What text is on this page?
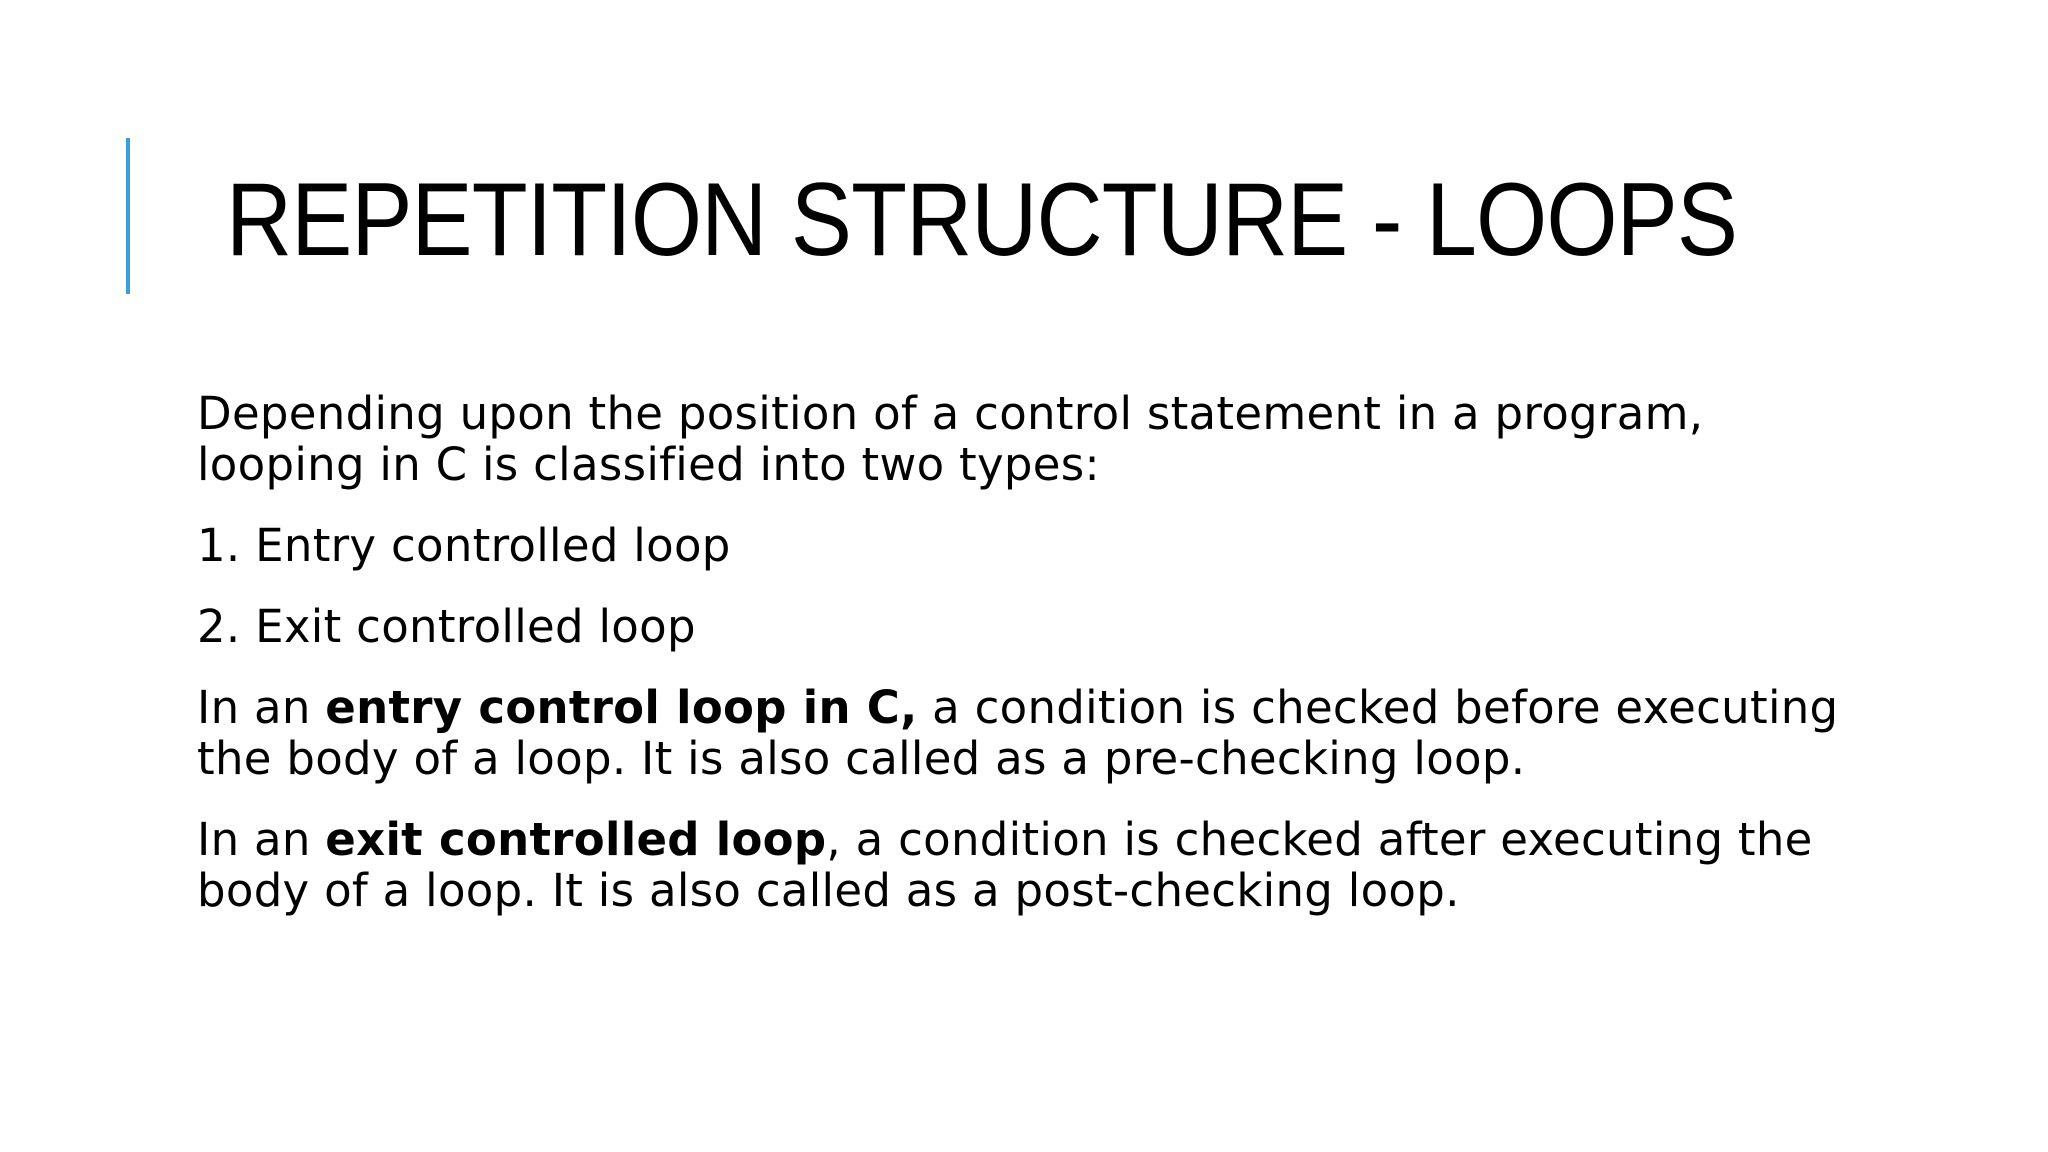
REPETITION STRUCTURE - LOOPS

Depending upon the position of a control statement in a program,
looping in C is classified into two types:

1. Entry controlled loop

2. Exit controlled loop

In an entry control loop in C, a condition is checked before executing
the body of a loop. It is also called as a pre-checking loop.

In an exit controlled loop, a condition is checked after executing the
body of a loop. It is also called as a post-checking loop.
